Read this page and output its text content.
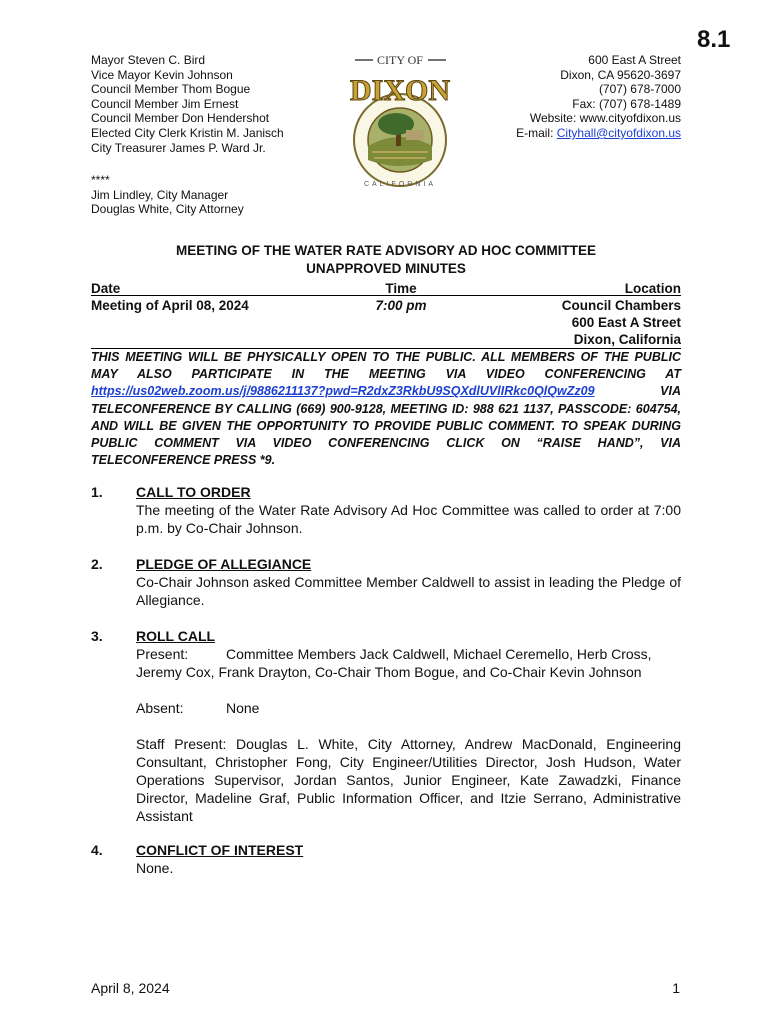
8.1
Mayor Steven C. Bird
Vice Mayor Kevin Johnson
Council Member Thom Bogue
Council Member Jim Ernest
Council Member Don Hendershot
Elected City Clerk Kristin M. Janisch
City Treasurer James P. Ward Jr.
****
Jim Lindley, City Manager
Douglas White, City Attorney
CITY OF
DIXON
CALIFORNIA
600 East A Street
Dixon, CA 95620-3697
(707) 678-7000
Fax: (707) 678-1489
Website: www.cityofdixon.us
E-mail: Cityhall@cityofdixon.us
MEETING OF THE WATER RATE ADVISORY AD HOC COMMITTEE
UNAPPROVED MINUTES
Date	Time	Location
Meeting of April 08, 2024	7:00 pm	Council Chambers
600 East A Street
Dixon, California
THIS MEETING WILL BE PHYSICALLY OPEN TO THE PUBLIC. ALL MEMBERS OF THE PUBLIC MAY ALSO PARTICIPATE IN THE MEETING VIA VIDEO CONFERENCING AT https://us02web.zoom.us/j/9886211137?pwd=R2dxZ3RkbU9SQXdlUVlIRkc0QlQwZz09 VIA TELECONFERENCE BY CALLING (669) 900-9128, MEETING ID: 988 621 1137, PASSCODE: 604754, AND WILL BE GIVEN THE OPPORTUNITY TO PROVIDE PUBLIC COMMENT. TO SPEAK DURING PUBLIC COMMENT VIA VIDEO CONFERENCING CLICK ON “RAISE HAND”, VIA TELECONFERENCE PRESS *9.
1. CALL TO ORDER

The meeting of the Water Rate Advisory Ad Hoc Committee was called to order at 7:00 p.m. by Co-Chair Johnson.

2. PLEDGE OF ALLEGIANCE

Co-Chair Johnson asked Committee Member Caldwell to assist in leading the Pledge of Allegiance.

3. ROLL CALL
Present:	Committee Members Jack Caldwell, Michael Ceremello, Herb Cross,
Jeremy Cox, Frank Drayton, Co-Chair Thom Bogue, and Co-Chair Kevin Johnson
Absent:	None

Staff Present: Douglas L. White, City Attorney, Andrew MacDonald, Engineering Consultant, Christopher Fong, City Engineer/Utilities Director, Josh Hudson, Water Operations Supervisor, Jordan Santos, Junior Engineer, Kate Zawadzki, Finance Director, Madeline Graf, Public Information Officer, and Itzie Serrano, Administrative Assistant

4. CONFLICT OF INTEREST

None.

April 8, 2024	1
